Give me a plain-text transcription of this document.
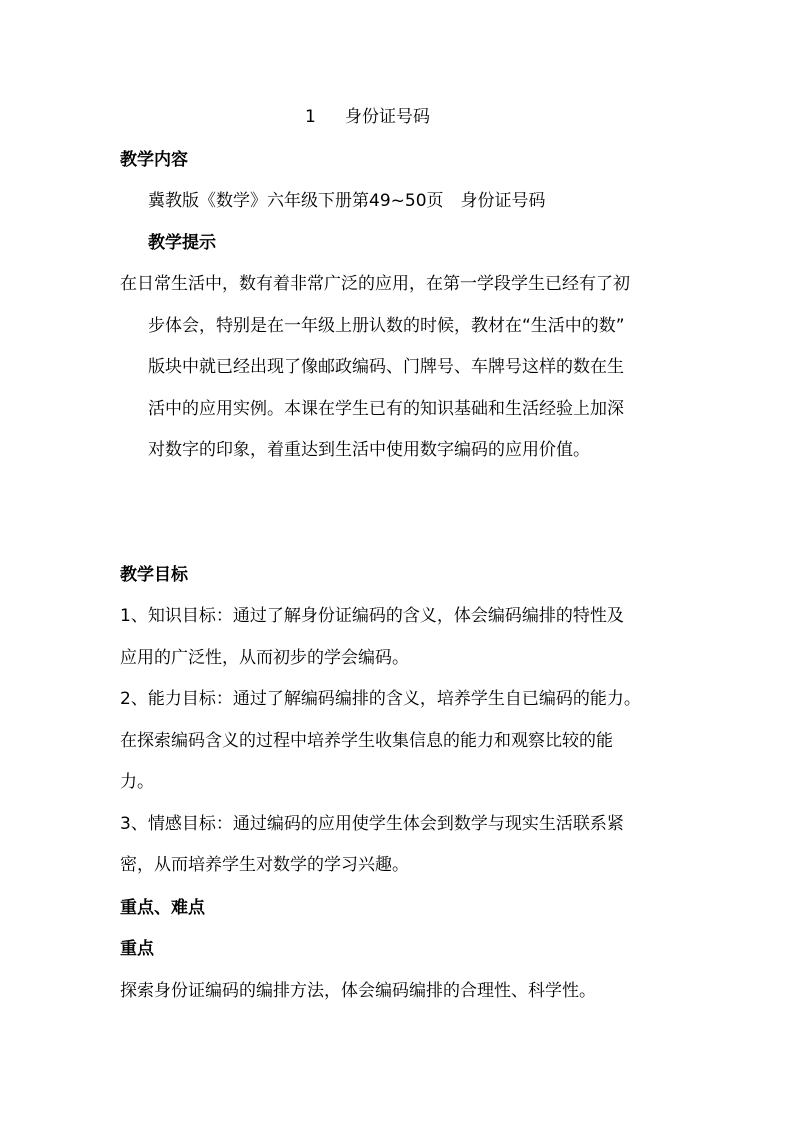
1 身份证号码
教学内容
冀教版《数学》六年级下册第49~50页　身份证号码
教学提示
在日常生活中，数有着非常广泛的应用，在第一学段学生已经有了初
步体会，特别是在一年级上册认数的时候，教材在“生活中的数”
版块中就已经出现了像邮政编码、门牌号、车牌号这样的数在生
活中的应用实例。本课在学生已有的知识基础和生活经验上加深
对数字的印象，着重达到生活中使用数字编码的应用价值。
教学目标
1、知识目标：通过了解身份证编码的含义，体会编码编排的特性及
应用的广泛性，从而初步的学会编码。
2、能力目标：通过了解编码编排的含义，培养学生自已编码的能力。
在探索编码含义的过程中培养学生收集信息的能力和观察比较的能
力。
3、情感目标：通过编码的应用使学生体会到数学与现实生活联系紧
密，从而培养学生对数学的学习兴趣。
重点、难点
重点
探索身份证编码的编排方法，体会编码编排的合理性、科学性。
